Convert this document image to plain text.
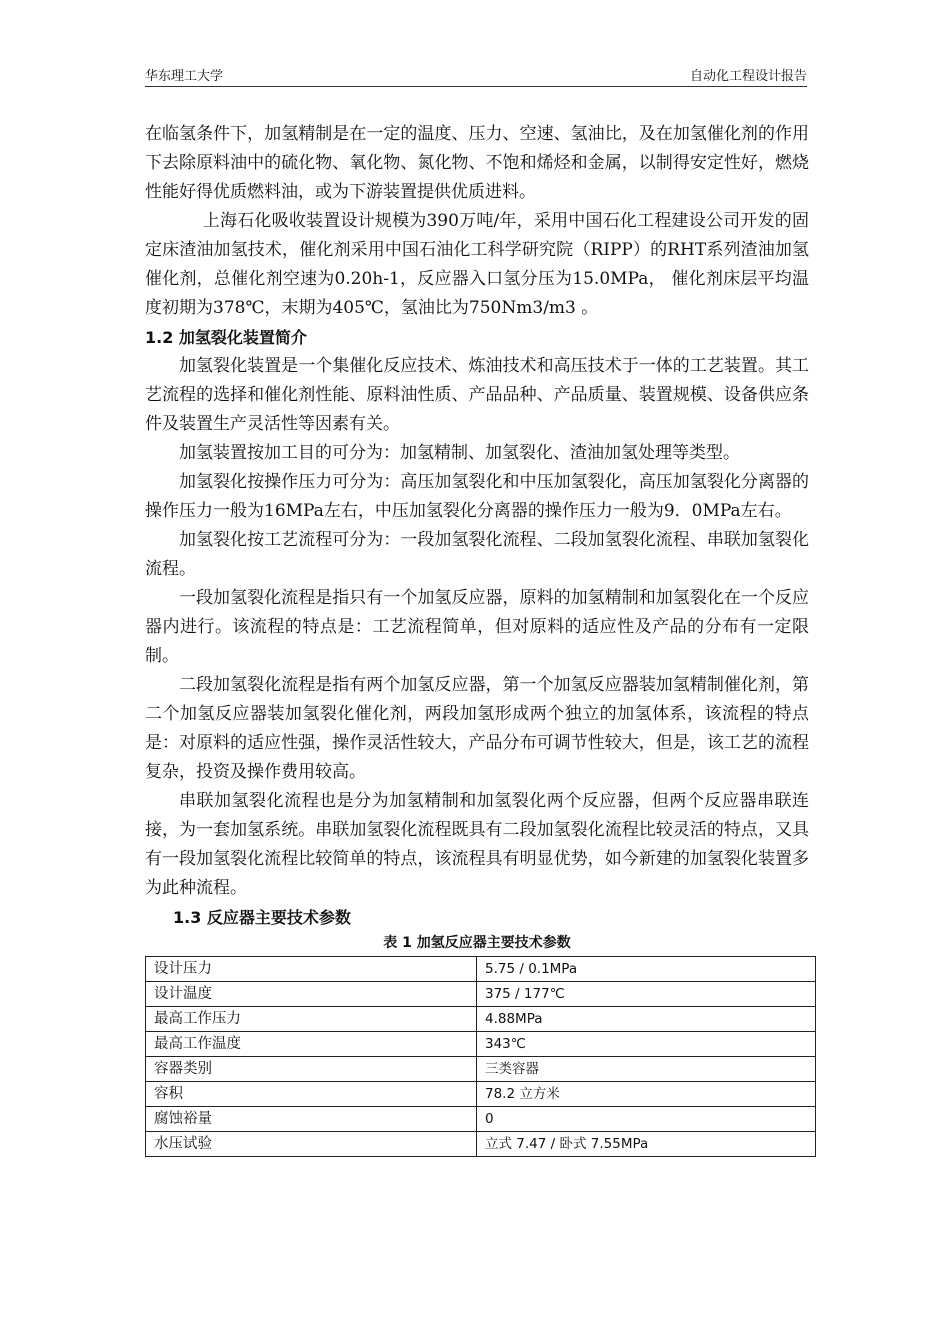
华东理工大学	自动化工程设计报告

在临氢条件下，加氢精制是在一定的温度、压力、空速、氢油比，及在加氢催化剂的作用下去除原料油中的硫化物、氧化物、氮化物、不饱和烯烃和金属，以制得安定性好，燃烧性能好得优质燃料油，或为下游装置提供优质进料。

上海石化吸收装置设计规模为390万吨/年，采用中国石化工程建设公司开发的固定床渣油加氢技术，催化剂采用中国石油化工科学研究院（RIPP）的RHT系列渣油加氢催化剂，总催化剂空速为0.20h-1，反应器入口氢分压为15.0MPa， 催化剂床层平均温度初期为378℃，末期为405℃，氢油比为750Nm3/m3 。

1.2 加氢裂化装置简介

加氢裂化装置是一个集催化反应技术、炼油技术和高压技术于一体的工艺装置。其工艺流程的选择和催化剂性能、原料油性质、产品品种、产品质量、装置规模、设备供应条件及装置生产灵活性等因素有关。

加氢装置按加工目的可分为：加氢精制、加氢裂化、渣油加氢处理等类型。

加氢裂化按操作压力可分为：高压加氢裂化和中压加氢裂化，高压加氢裂化分离器的操作压力一般为16MPa左右，中压加氢裂化分离器的操作压力一般为9．0MPa左右。

加氢裂化按工艺流程可分为：一段加氢裂化流程、二段加氢裂化流程、串联加氢裂化流程。

一段加氢裂化流程是指只有一个加氢反应器，原料的加氢精制和加氢裂化在一个反应器内进行。该流程的特点是：工艺流程简单，但对原料的适应性及产品的分布有一定限制。

二段加氢裂化流程是指有两个加氢反应器，第一个加氢反应器装加氢精制催化剂，第二个加氢反应器装加氢裂化催化剂，两段加氢形成两个独立的加氢体系，该流程的特点是：对原料的适应性强，操作灵活性较大，产品分布可调节性较大，但是，该工艺的流程复杂，投资及操作费用较高。

串联加氢裂化流程也是分为加氢精制和加氢裂化两个反应器，但两个反应器串联连接，为一套加氢系统。串联加氢裂化流程既具有二段加氢裂化流程比较灵活的特点，又具有一段加氢裂化流程比较简单的特点，该流程具有明显优势，如今新建的加氢裂化装置多为此种流程。

1.3 反应器主要技术参数

表 1 加氢反应器主要技术参数
设计压力	5.75 / 0.1MPa
设计温度	375 / 177℃
最高工作压力	4.88MPa
最高工作温度	343℃
容器类别	三类容器
容积	78.2 立方米
腐蚀裕量	0
水压试验	立式 7.47 / 卧式 7.55MPa
